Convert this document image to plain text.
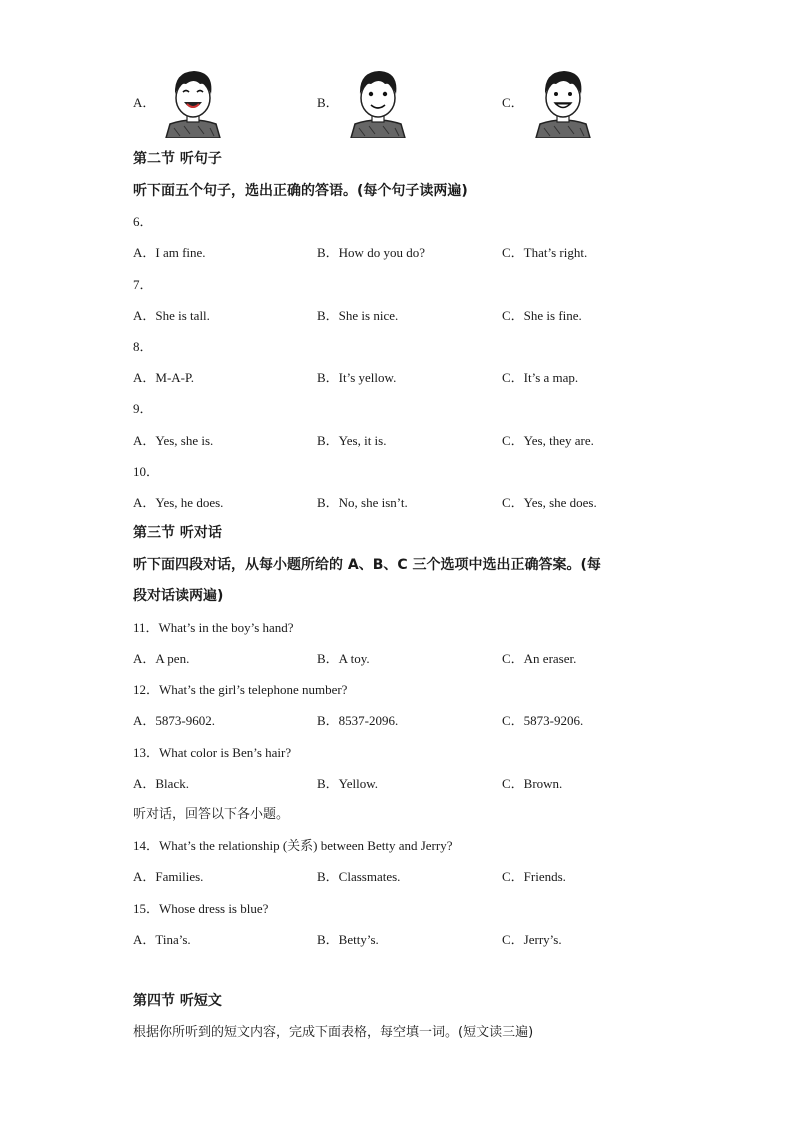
A．	B．	C．
第二节 听句子
听下面五个句子，选出正确的答语。(每个句子读两遍)
6．
A．I am fine.	B．How do you do?	C．That’s right.
7．
A．She is tall.	B．She is nice.	C．She is fine.
8．
A．M-A-P.	B．It’s yellow.	C．It’s a map.
9．
A．Yes, she is.	B．Yes, it is.	C．Yes, they are.
10．
A．Yes, he does.	B．No, she isn’t.	C．Yes, she does.
第三节 听对话
听下面四段对话，从每小题所给的 A、B、C 三个选项中选出正确答案。(每
段对话读两遍)
11．What’s in the boy’s hand?
A．A pen.	B．A toy.	C．An eraser.
12．What’s the girl’s telephone number?
A．5873-9602.	B．8537-2096.	C．5873-9206.
13．What color is Ben’s hair?
A．Black.	B．Yellow.	C．Brown.
听对话，回答以下各小题。
14．What’s the relationship (关系) between Betty and Jerry?
A．Families.	B．Classmates.	C．Friends.
15．Whose dress is blue?
A．Tina’s.	B．Betty’s.	C．Jerry’s.
第四节 听短文
根据你所听到的短文内容，完成下面表格，每空填一词。(短文读三遍)
